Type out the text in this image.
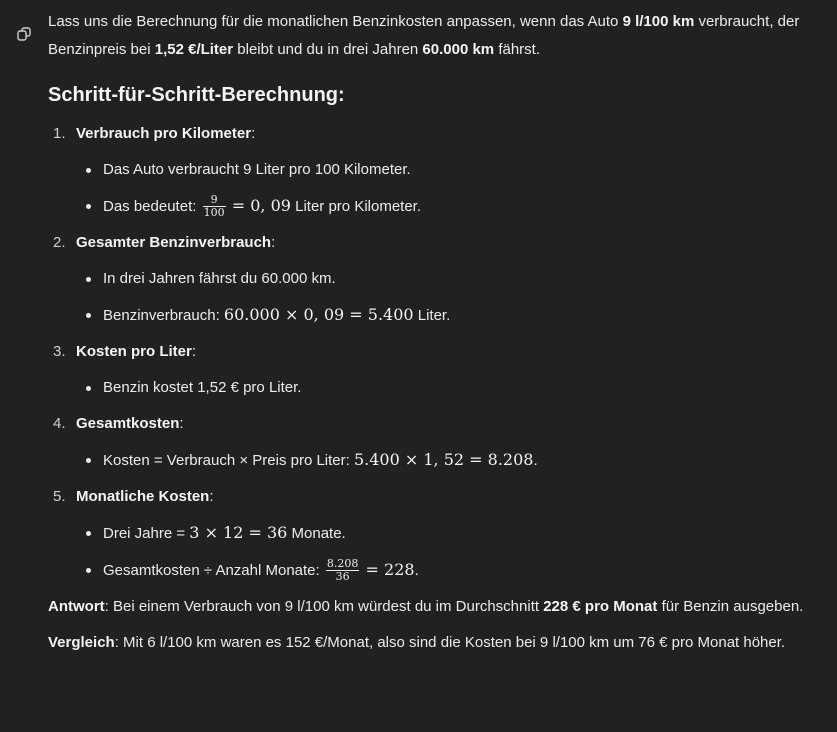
Lass uns die Berechnung für die monatlichen Benzinkosten anpassen, wenn das Auto 9 l/100 km verbraucht, der Benzinpreis bei 1,52 €/Liter bleibt und du in drei Jahren 60.000 km fährst.

Schritt-für-Schritt-Berechnung:
1. Verbrauch pro Kilometer:
Das Auto verbraucht 9 Liter pro 100 Kilometer.
Das bedeutet: $\frac{9}{100} = 0$, 09 Liter pro Kilometer.
2. Gesamter Benzinverbrauch:
In drei Jahren fährst du 60.000 km.
Benzinverbrauch: 60.000 × 0, 09 = 5.400 Liter.
3. Kosten pro Liter:
Benzin kostet 1,52 € pro Liter.
4. Gesamtkosten:
Kosten = Verbrauch × Preis pro Liter: 5.400 × 1, 52 = 8.208.
5. Monatliche Kosten:
Drei Jahre = 3 × 12 = 36 Monate.
Gesamtkosten ÷ Anzahl Monate: $\frac{8.208}{36} = 228$.

Antwort: Bei einem Verbrauch von 9 l/100 km würdest du im Durchschnitt 228 € pro Monat für Benzin ausgeben.

Vergleich: Mit 6 l/100 km waren es 152 €/Monat, also sind die Kosten bei 9 l/100 km um 76 € pro Monat höher.
